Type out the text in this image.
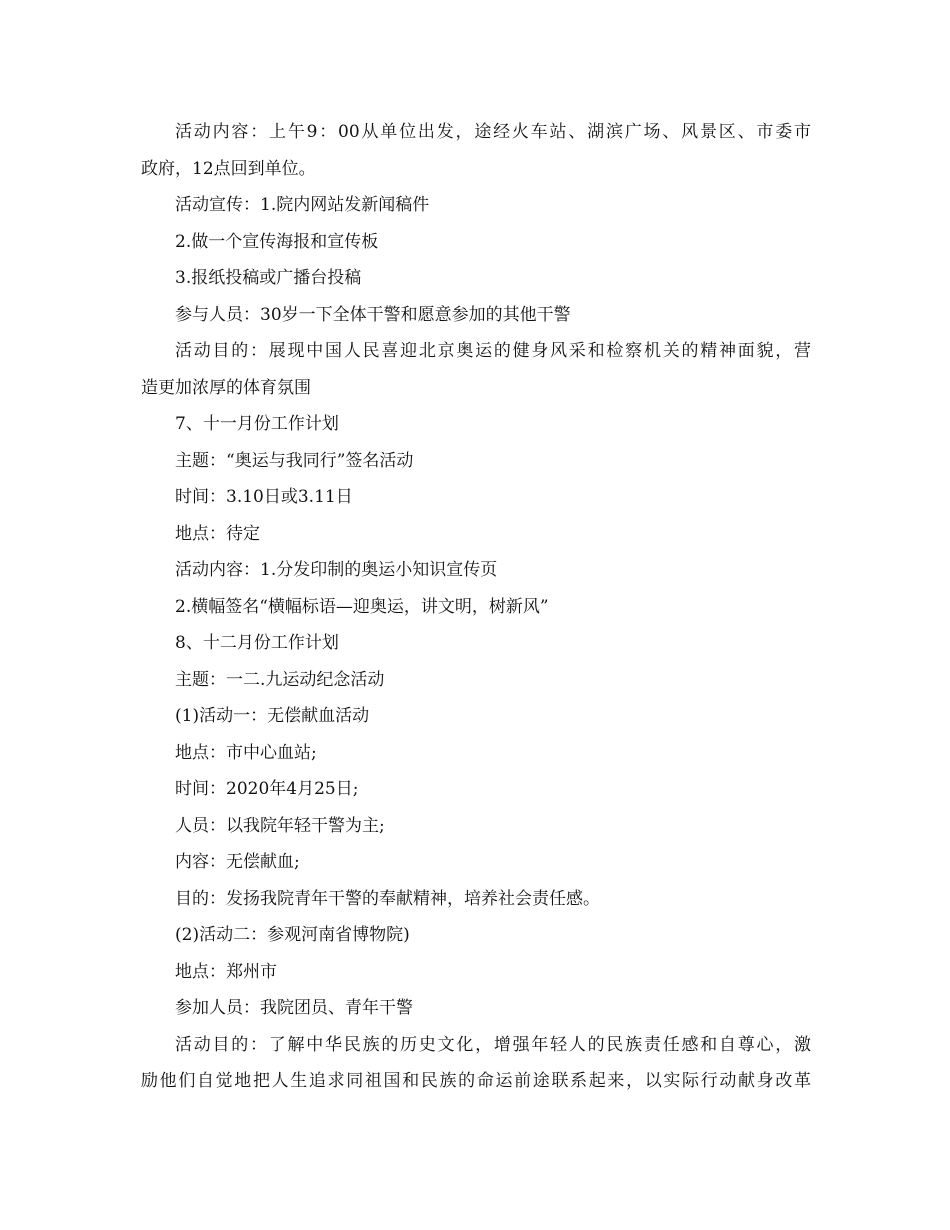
活动内容：上午9：00从单位出发，途经火车站、湖滨广场、风景区、市委市
政府，12点回到单位。
活动宣传：1.院内网站发新闻稿件
2.做一个宣传海报和宣传板
3.报纸投稿或广播台投稿
参与人员：30岁一下全体干警和愿意参加的其他干警
活动目的：展现中国人民喜迎北京奥运的健身风采和检察机关的精神面貌，营
造更加浓厚的体育氛围
7、十一月份工作计划
主题：“奥运与我同行”签名活动
时间：3.10日或3.11日
地点：待定
活动内容：1.分发印制的奥运小知识宣传页
2.横幅签名“横幅标语—迎奥运，讲文明，树新风”
8、十二月份工作计划
主题：一二.九运动纪念活动
(1)活动一：无偿献血活动
地点：市中心血站;
时间：2020年4月25日;
人员：以我院年轻干警为主;
内容：无偿献血;
目的：发扬我院青年干警的奉献精神，培养社会责任感。
(2)活动二：参观河南省博物院)
地点：郑州市
参加人员：我院团员、青年干警
活动目的：了解中华民族的历史文化，增强年轻人的民族责任感和自尊心，激
励他们自觉地把人生追求同祖国和民族的命运前途联系起来，以实际行动献身改革
